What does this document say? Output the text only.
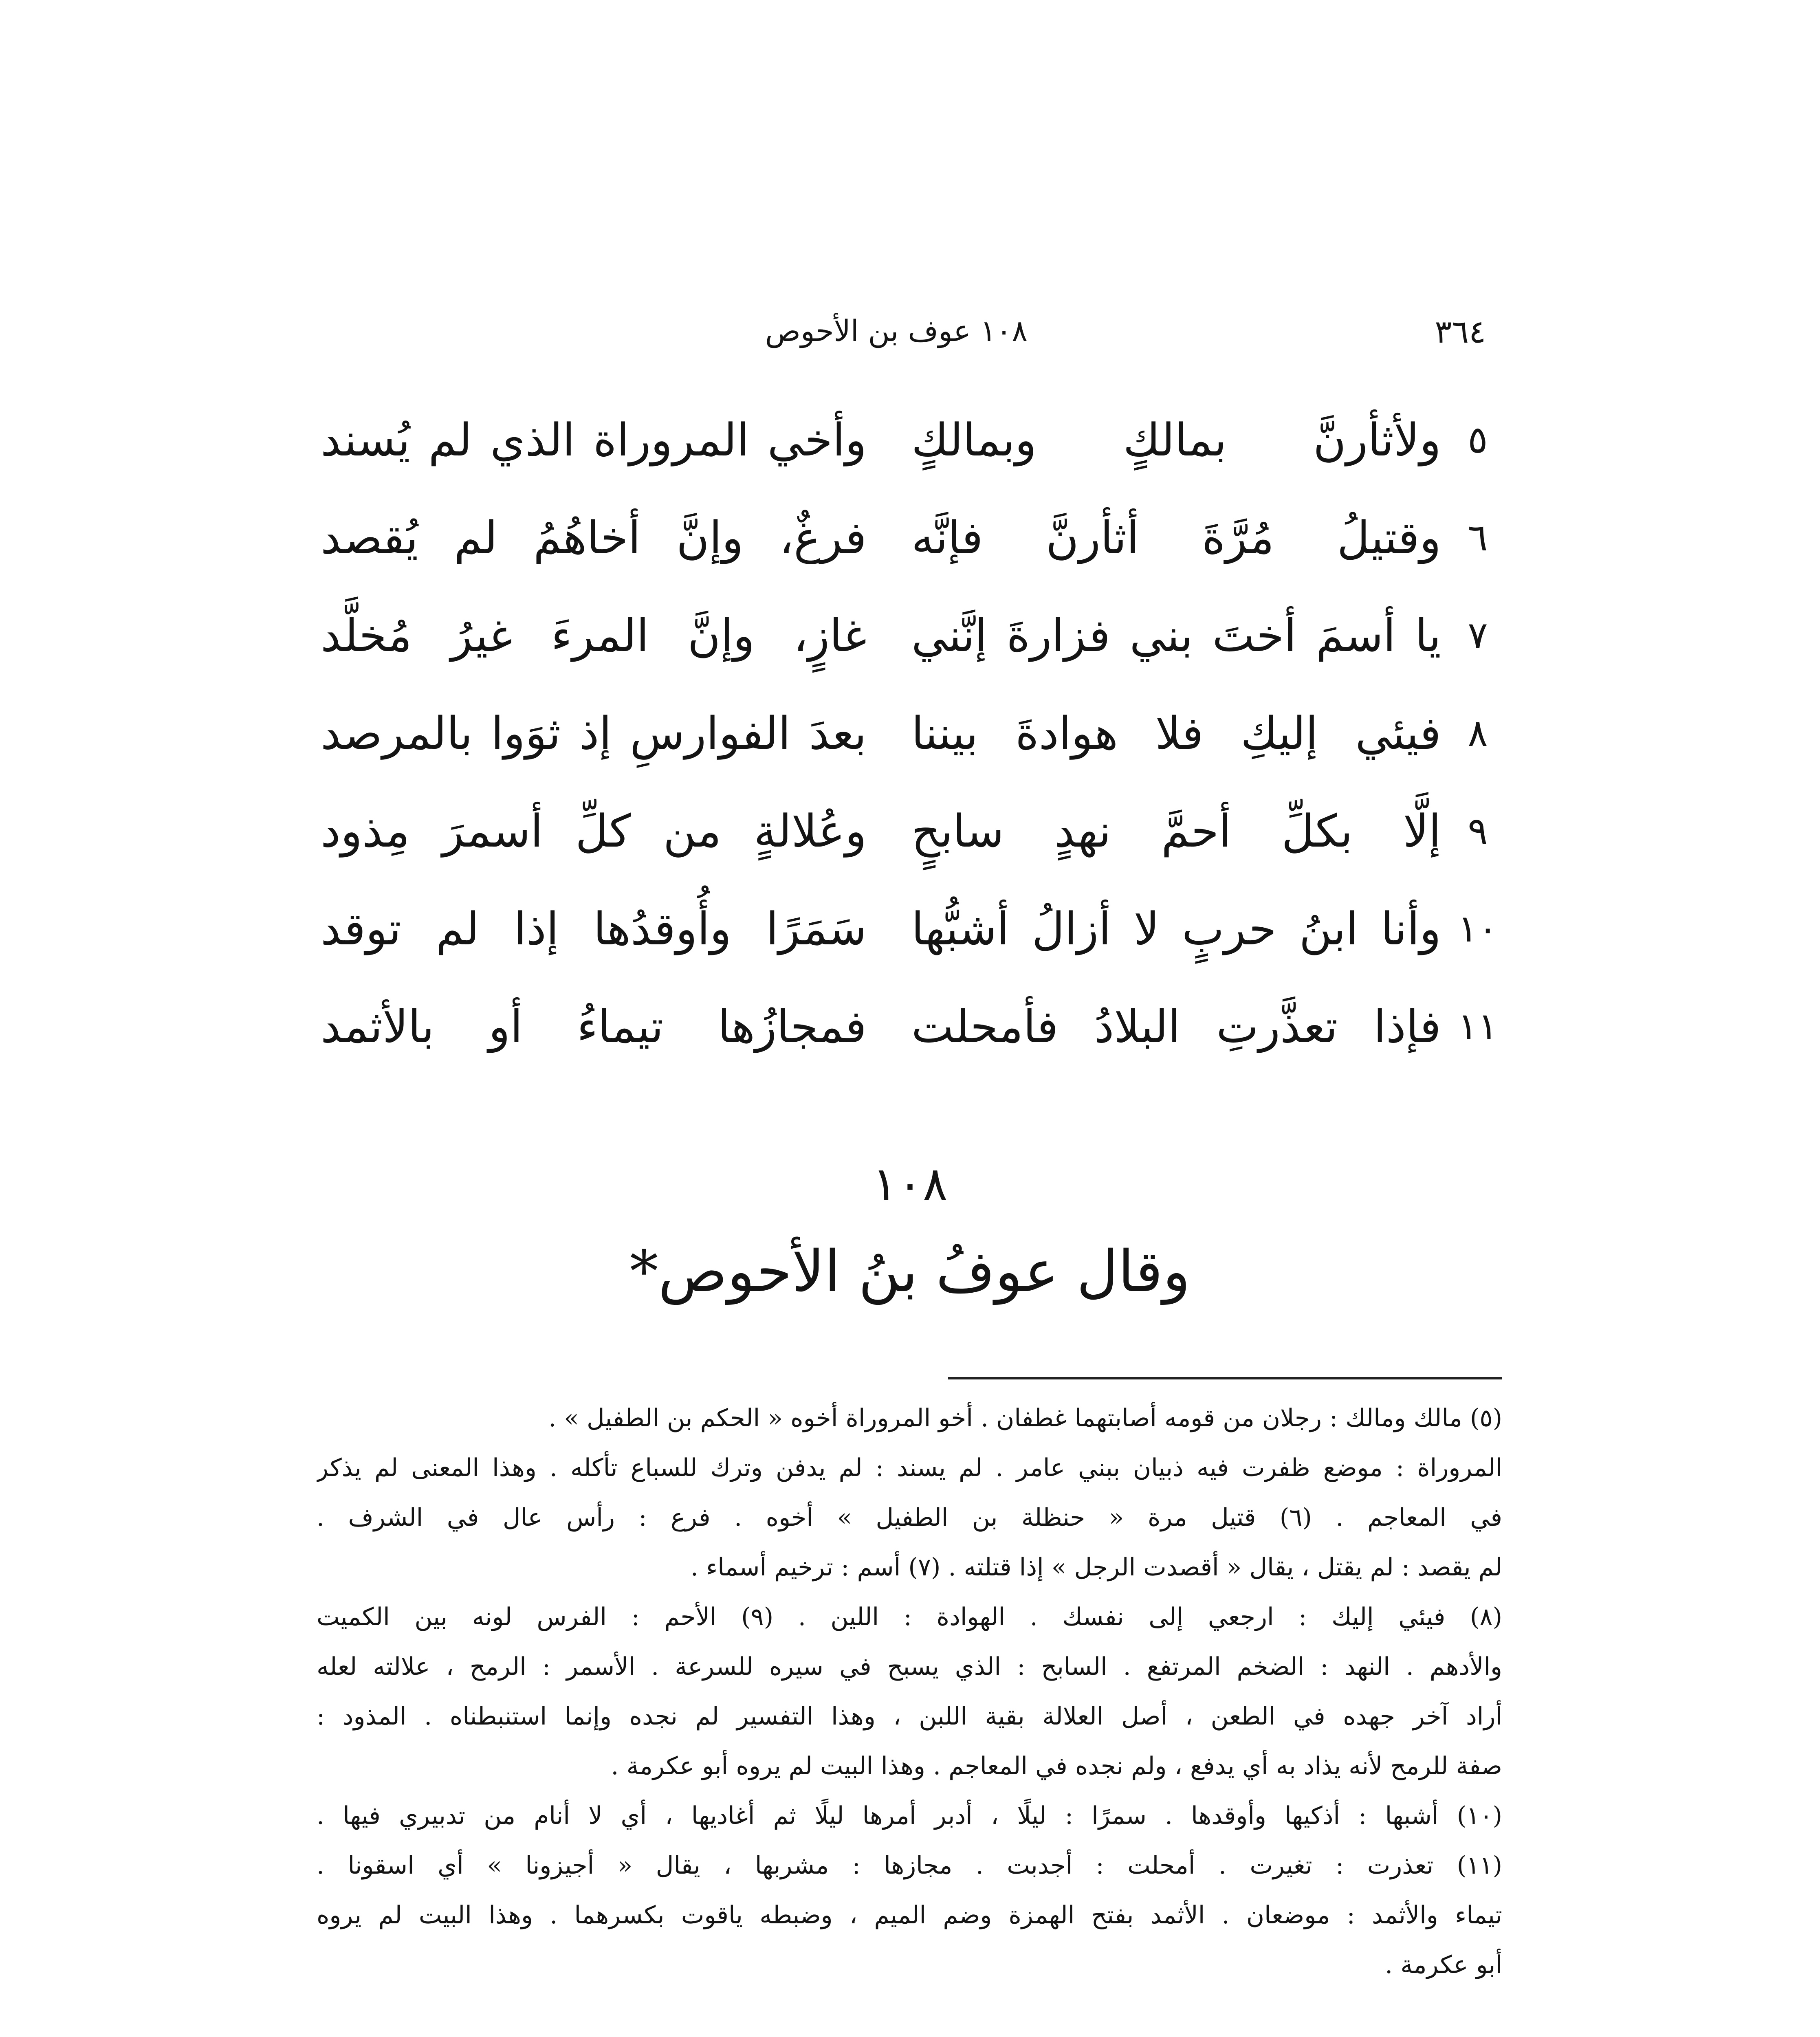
٣٦٤
١٠٨ عوف بن الأحوص
٥
ولأثأرنَّ بمالكٍ وبمالكٍ
وأخي المروراة الذي لم يُسند
٦
وقتيلُ مُرَّةَ أثأرنَّ فإنَّه
فرغٌ، وإنَّ أخاهُمُ لم يُقصد
٧
يا أسمَ أختَ بني فزارةَ إنَّني
غازٍ، وإنَّ المرءَ غيرُ مُخلَّد
٨
فيئي إليكِ فلا هوادةَ بيننا
بعدَ الفوارسِ إذ ثوَوا بالمرصد
٩
إلَّا بكلِّ أحمَّ نهدٍ سابحٍ
وعُلالةٍ من كلِّ أسمرَ مِذود
١٠
وأنا ابنُ حربٍ لا أزالُ أشبُّها
سَمَرًا وأُوقدُها إذا لم توقد
١١
فإذا تعذَّرتِ البلادُ فأمحلت
فمجازُها تيماءُ أو بالأثمد
١٠٨
وقال عوفُ بنُ الأحوص*
(٥) مالك ومالك : رجلان من قومه أصابتهما غطفان . أخو المروراة أخوه « الحكم بن الطفيل » .
المروراة : موضع ظفرت فيه ذبيان ببني عامر . لم يسند : لم يدفن وترك للسباع تأكله . وهذا المعنى لم يذكر
في المعاجم . (٦) قتيل مرة « حنظلة بن الطفيل » أخوه . فرع : رأس عال في الشرف .
لم يقصد : لم يقتل ، يقال « أقصدت الرجل » إذا قتلته . (٧) أسم : ترخيم أسماء .
(٨) فيئي إليك : ارجعي إلى نفسك . الهوادة : اللين . (٩) الأحم : الفرس لونه بين الكميت
والأدهم . النهد : الضخم المرتفع . السابح : الذي يسبح في سيره للسرعة . الأسمر : الرمح ، علالته لعله
أراد آخر جهده في الطعن ، أصل العلالة بقية اللبن ، وهذا التفسير لم نجده وإنما استنبطناه . المذود :
صفة للرمح لأنه يذاد به أي يدفع ، ولم نجده في المعاجم . وهذا البيت لم يروه أبو عكرمة .
(١٠) أشبها : أذكيها وأوقدها . سمرًا : ليلًا ، أدبر أمرها ليلًا ثم أغاديها ، أي لا أنام من تدبيري فيها .
(١١) تعذرت : تغيرت . أمحلت : أجدبت . مجازها : مشربها ، يقال « أجيزونا » أي اسقونا .
تيماء والأثمد : موضعان . الأثمد بفتح الهمزة وضم الميم ، وضبطه ياقوت بكسرهما . وهذا البيت لم يروه
أبو عكرمة .
